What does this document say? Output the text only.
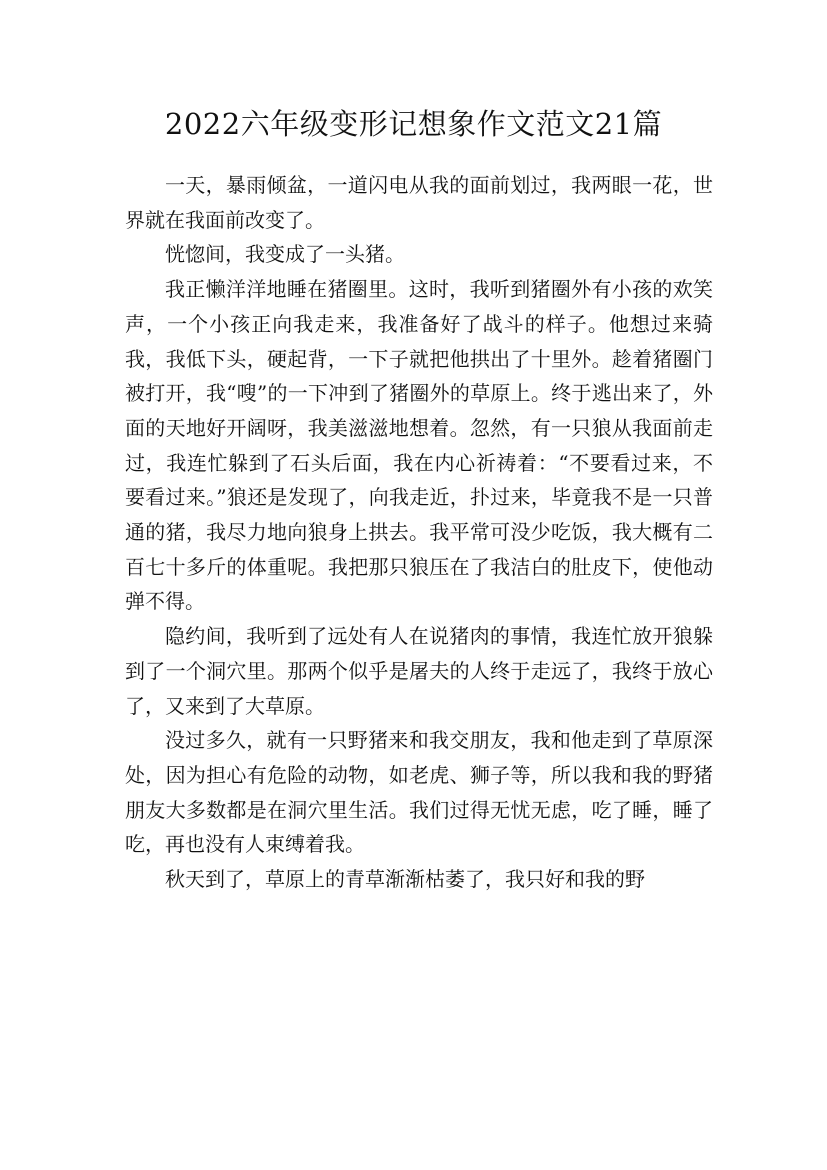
2022六年级变形记想象作文范文21篇

一天，暴雨倾盆，一道闪电从我的面前划过，我两眼一花，世界就在我面前改变了。

恍惚间，我变成了一头猪。

我正懒洋洋地睡在猪圈里。这时，我听到猪圈外有小孩的欢笑声，一个小孩正向我走来，我准备好了战斗的样子。他想过来骑我，我低下头，硬起背，一下子就把他拱出了十里外。趁着猪圈门被打开，我“嗖”的一下冲到了猪圈外的草原上。终于逃出来了，外面的天地好开阔呀，我美滋滋地想着。忽然，有一只狼从我面前走过，我连忙躲到了石头后面，我在内心祈祷着：“不要看过来，不要看过来。”狼还是发现了，向我走近，扑过来，毕竟我不是一只普通的猪，我尽力地向狼身上拱去。我平常可没少吃饭，我大概有二百七十多斤的体重呢。我把那只狼压在了我洁白的肚皮下，使他动弹不得。

隐约间，我听到了远处有人在说猪肉的事情，我连忙放开狼躲到了一个洞穴里。那两个似乎是屠夫的人终于走远了，我终于放心了，又来到了大草原。

没过多久，就有一只野猪来和我交朋友，我和他走到了草原深处，因为担心有危险的动物，如老虎、狮子等，所以我和我的野猪朋友大多数都是在洞穴里生活。我们过得无忧无虑，吃了睡，睡了吃，再也没有人束缚着我。

秋天到了，草原上的青草渐渐枯萎了，我只好和我的野
